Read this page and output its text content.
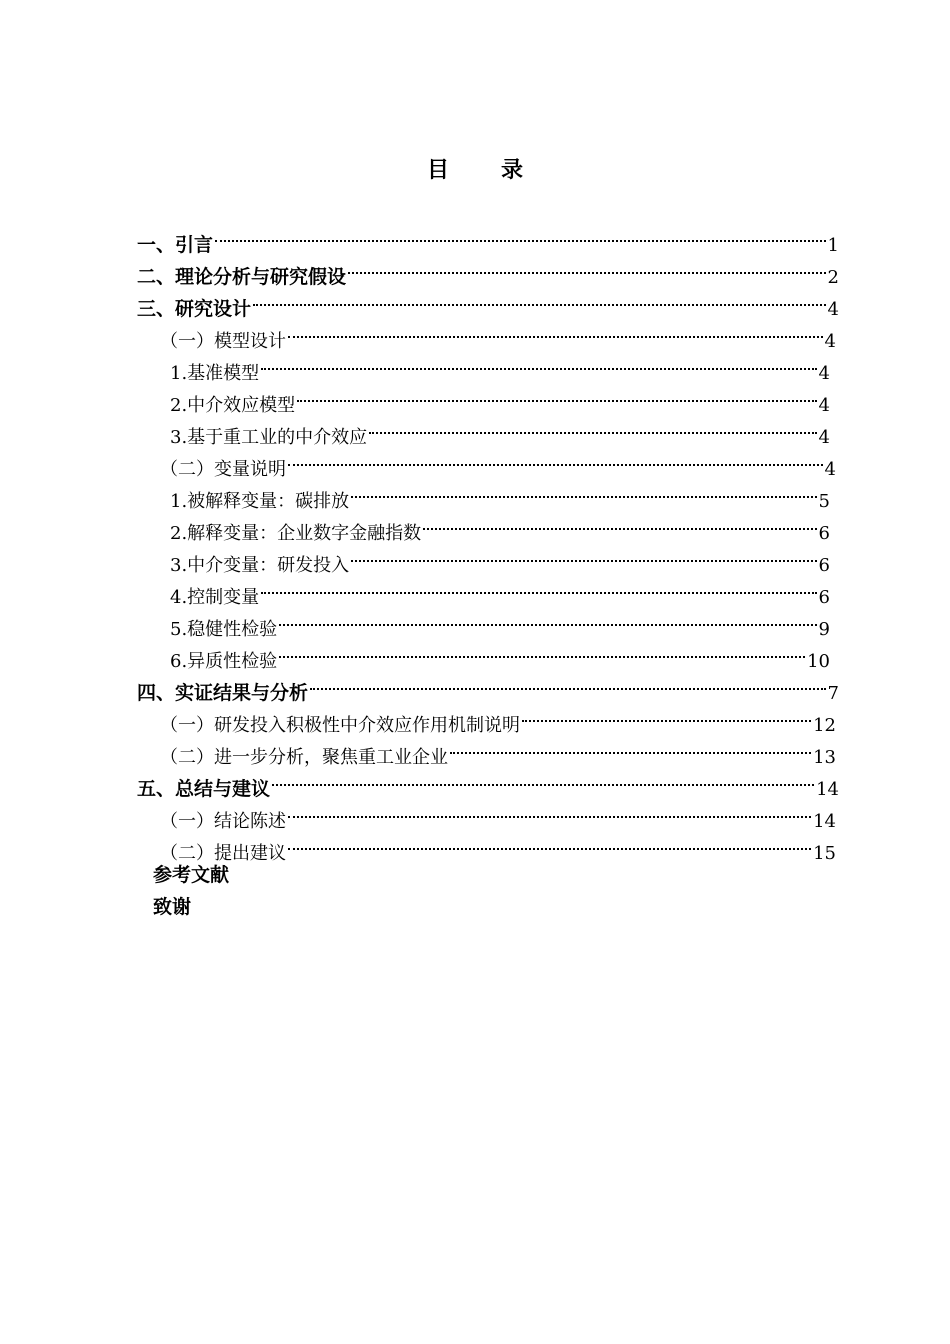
目 录
一、引言	1
二、理论分析与研究假设	2
三、研究设计	4
（一）模型设计	4
1.基准模型	4
2.中介效应模型	4
3.基于重工业的中介效应	4
（二）变量说明	4
1.被解释变量：碳排放	5
2.解释变量：企业数字金融指数	6
3.中介变量：研发投入	6
4.控制变量	6
5.稳健性检验	9
6.异质性检验	10
四、实证结果与分析	7
（一）研发投入积极性中介效应作用机制说明	12
（二）进一步分析，聚焦重工业企业	13
五、总结与建议	14
（一）结论陈述	14
（二）提出建议	15
参考文献
致谢
